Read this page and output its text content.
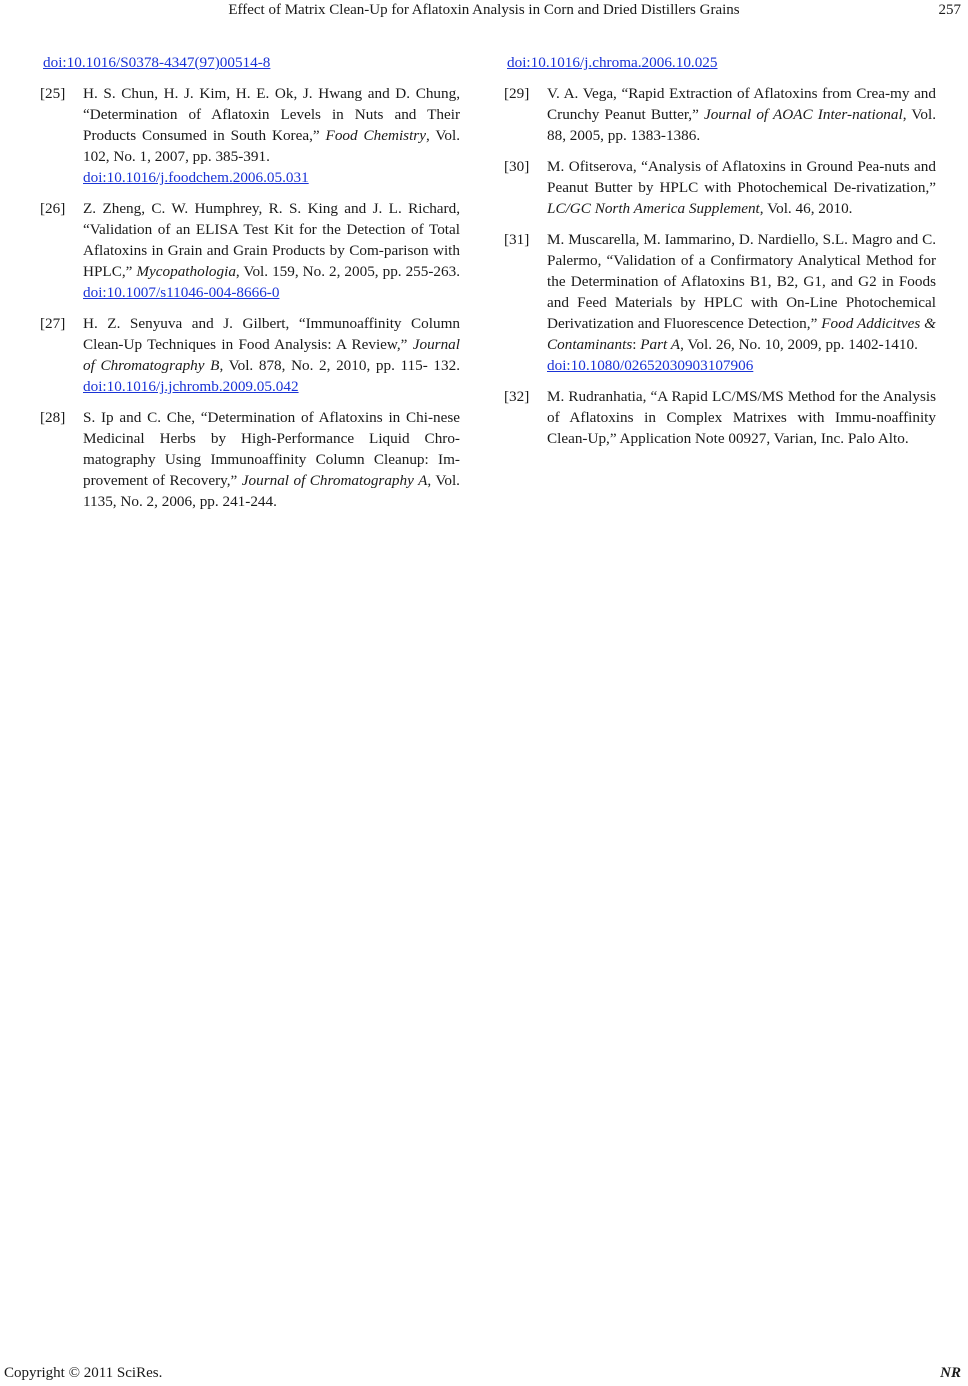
Effect of Matrix Clean-Up for Aflatoxin Analysis in Corn and Dried Distillers Grains	257
doi:10.1016/S0378-4347(97)00514-8
[25]	H. S. Chun, H. J. Kim, H. E. Ok, J. Hwang and D. Chung, “Determination of Aflatoxin Levels in Nuts and Their Products Consumed in South Korea,” Food Chemistry, Vol. 102, No. 1, 2007, pp. 385-391.
doi:10.1016/j.foodchem.2006.05.031
[26]	Z. Zheng, C. W. Humphrey, R. S. King and J. L. Richard, “Validation of an ELISA Test Kit for the Detection of Total Aflatoxins in Grain and Grain Products by Com-parison with HPLC,” Mycopathologia, Vol. 159, No. 2, 2005, pp. 255-263. doi:10.1007/s11046-004-8666-0
[27]	H. Z. Senyuva and J. Gilbert, “Immunoaffinity Column Clean-Up Techniques in Food Analysis: A Review,” Journal of Chromatography B, Vol. 878, No. 2, 2010, pp. 115- 132. doi:10.1016/j.jchromb.2009.05.042
[28]	S. Ip and C. Che, “Determination of Aflatoxins in Chi-nese Medicinal Herbs by High-Performance Liquid Chro-matography Using Immunoaffinity Column Cleanup: Im-provement of Recovery,” Journal of Chromatography A, Vol. 1135, No. 2, 2006, pp. 241-244.
doi:10.1016/j.chroma.2006.10.025
[29]	V. A. Vega, “Rapid Extraction of Aflatoxins from Crea-my and Crunchy Peanut Butter,” Journal of AOAC Inter-national, Vol. 88, 2005, pp. 1383-1386.
[30]	M. Ofitserova, “Analysis of Aflatoxins in Ground Pea-nuts and Peanut Butter by HPLC with Photochemical De-rivatization,” LC/GC North America Supplement, Vol. 46, 2010.
[31]	M. Muscarella, M. Iammarino, D. Nardiello, S.L. Magro and C. Palermo, “Validation of a Confirmatory Analytical Method for the Determination of Aflatoxins B1, B2, G1, and G2 in Foods and Feed Materials by HPLC with On-Line Photochemical Derivatization and Fluorescence Detection,” Food Addicitves & Contaminants: Part A, Vol. 26, No. 10, 2009, pp. 1402-1410.
doi:10.1080/02652030903107906
[32]	M. Rudranhatia, “A Rapid LC/MS/MS Method for the Analysis of Aflatoxins in Complex Matrixes with Immu-noaffinity Clean-Up,” Application Note 00927, Varian, Inc. Palo Alto.
Copyright © 2011 SciRes.	NR
